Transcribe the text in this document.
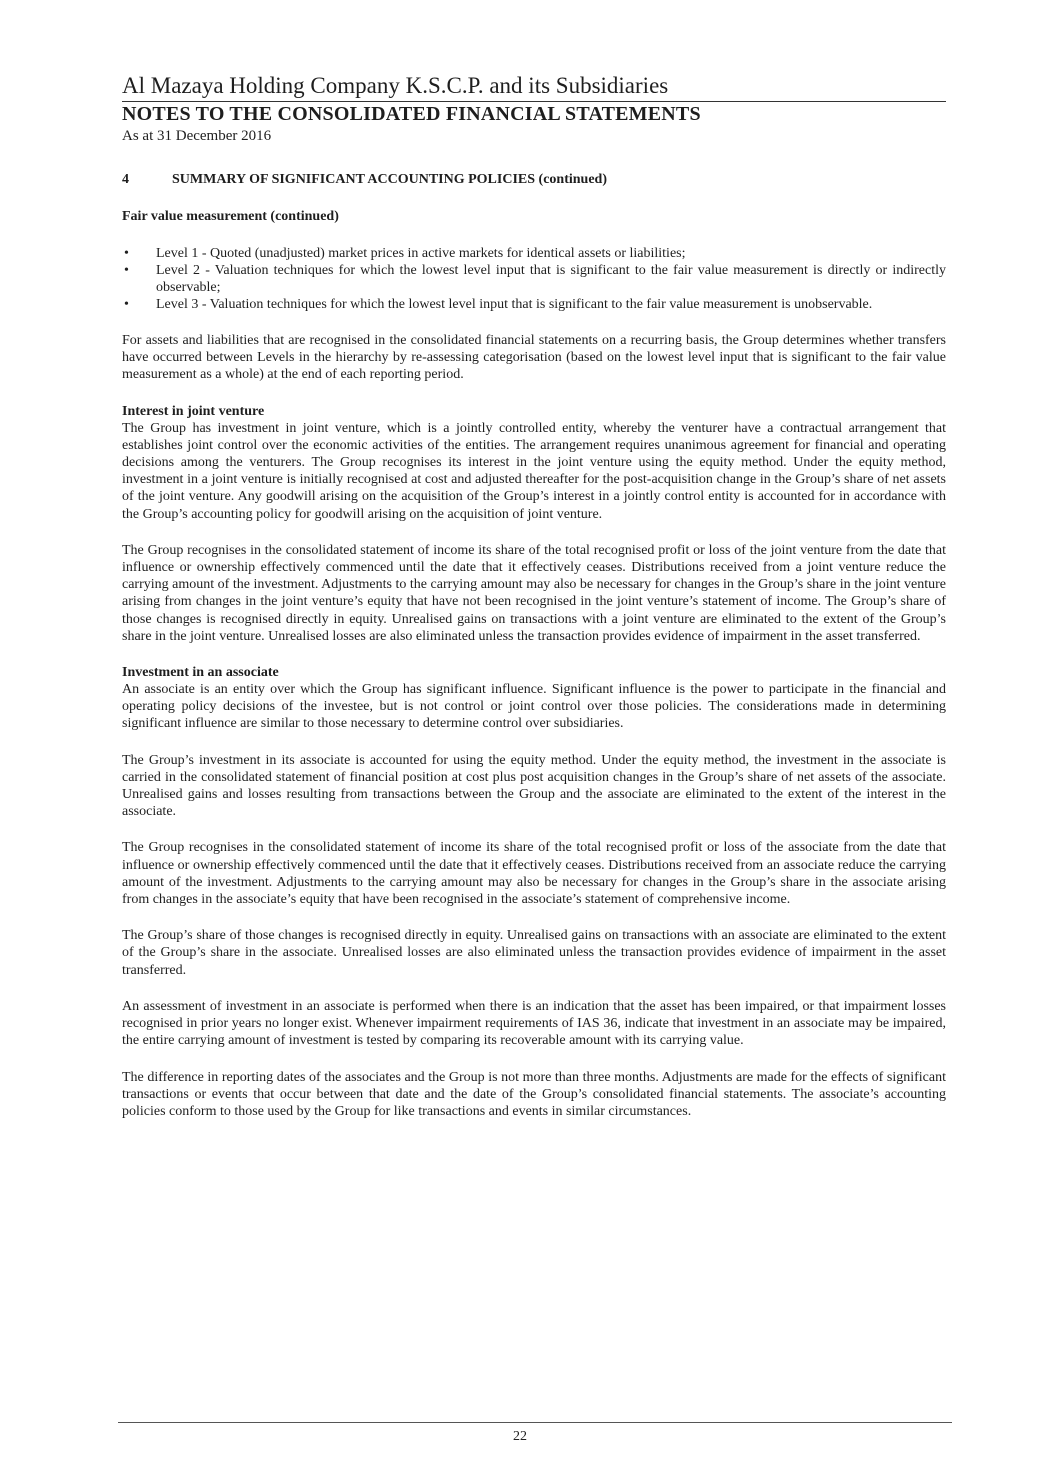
Al Mazaya Holding Company K.S.C.P. and its Subsidiaries
NOTES TO THE CONSOLIDATED FINANCIAL STATEMENTS
As at 31 December 2016
4	SUMMARY OF SIGNIFICANT ACCOUNTING POLICIES (continued)
Fair value measurement (continued)
• Level 1 - Quoted (unadjusted) market prices in active markets for identical assets or liabilities;
• Level 2 - Valuation techniques for which the lowest level input that is significant to the fair value measurement is directly or indirectly observable;
• Level 3 - Valuation techniques for which the lowest level input that is significant to the fair value measurement is unobservable.

For assets and liabilities that are recognised in the consolidated financial statements on a recurring basis, the Group determines whether transfers have occurred between Levels in the hierarchy by re-assessing categorisation (based on the lowest level input that is significant to the fair value measurement as a whole) at the end of each reporting period.

Interest in joint venture

The Group has investment in joint venture, which is a jointly controlled entity, whereby the venturer have a contractual arrangement that establishes joint control over the economic activities of the entities. The arrangement requires unanimous agreement for financial and operating decisions among the venturers. The Group recognises its interest in the joint venture using the equity method. Under the equity method, investment in a joint venture is initially recognised at cost and adjusted thereafter for the post-acquisition change in the Group’s share of net assets of the joint venture. Any goodwill arising on the acquisition of the Group’s interest in a jointly control entity is accounted for in accordance with the Group’s accounting policy for goodwill arising on the acquisition of joint venture.

The Group recognises in the consolidated statement of income its share of the total recognised profit or loss of the joint venture from the date that influence or ownership effectively commenced until the date that it effectively ceases. Distributions received from a joint venture reduce the carrying amount of the investment. Adjustments to the carrying amount may also be necessary for changes in the Group’s share in the joint venture arising from changes in the joint venture’s equity that have not been recognised in the joint venture’s statement of income. The Group’s share of those changes is recognised directly in equity. Unrealised gains on transactions with a joint venture are eliminated to the extent of the Group’s share in the joint venture. Unrealised losses are also eliminated unless the transaction provides evidence of impairment in the asset transferred.

Investment in an associate

An associate is an entity over which the Group has significant influence. Significant influence is the power to participate in the financial and operating policy decisions of the investee, but is not control or joint control over those policies. The considerations made in determining significant influence are similar to those necessary to determine control over subsidiaries.

The Group’s investment in its associate is accounted for using the equity method. Under the equity method, the investment in the associate is carried in the consolidated statement of financial position at cost plus post acquisition changes in the Group’s share of net assets of the associate. Unrealised gains and losses resulting from transactions between the Group and the associate are eliminated to the extent of the interest in the associate.

The Group recognises in the consolidated statement of income its share of the total recognised profit or loss of the associate from the date that influence or ownership effectively commenced until the date that it effectively ceases. Distributions received from an associate reduce the carrying amount of the investment. Adjustments to the carrying amount may also be necessary for changes in the Group’s share in the associate arising from changes in the associate’s equity that have been recognised in the associate’s statement of comprehensive income.

The Group’s share of those changes is recognised directly in equity. Unrealised gains on transactions with an associate are eliminated to the extent of the Group’s share in the associate. Unrealised losses are also eliminated unless the transaction provides evidence of impairment in the asset transferred.

An assessment of investment in an associate is performed when there is an indication that the asset has been impaired, or that impairment losses recognised in prior years no longer exist. Whenever impairment requirements of IAS 36, indicate that investment in an associate may be impaired, the entire carrying amount of investment is tested by comparing its recoverable amount with its carrying value.

The difference in reporting dates of the associates and the Group is not more than three months. Adjustments are made for the effects of significant transactions or events that occur between that date and the date of the Group’s consolidated financial statements. The associate’s accounting policies conform to those used by the Group for like transactions and events in similar circumstances.

22
